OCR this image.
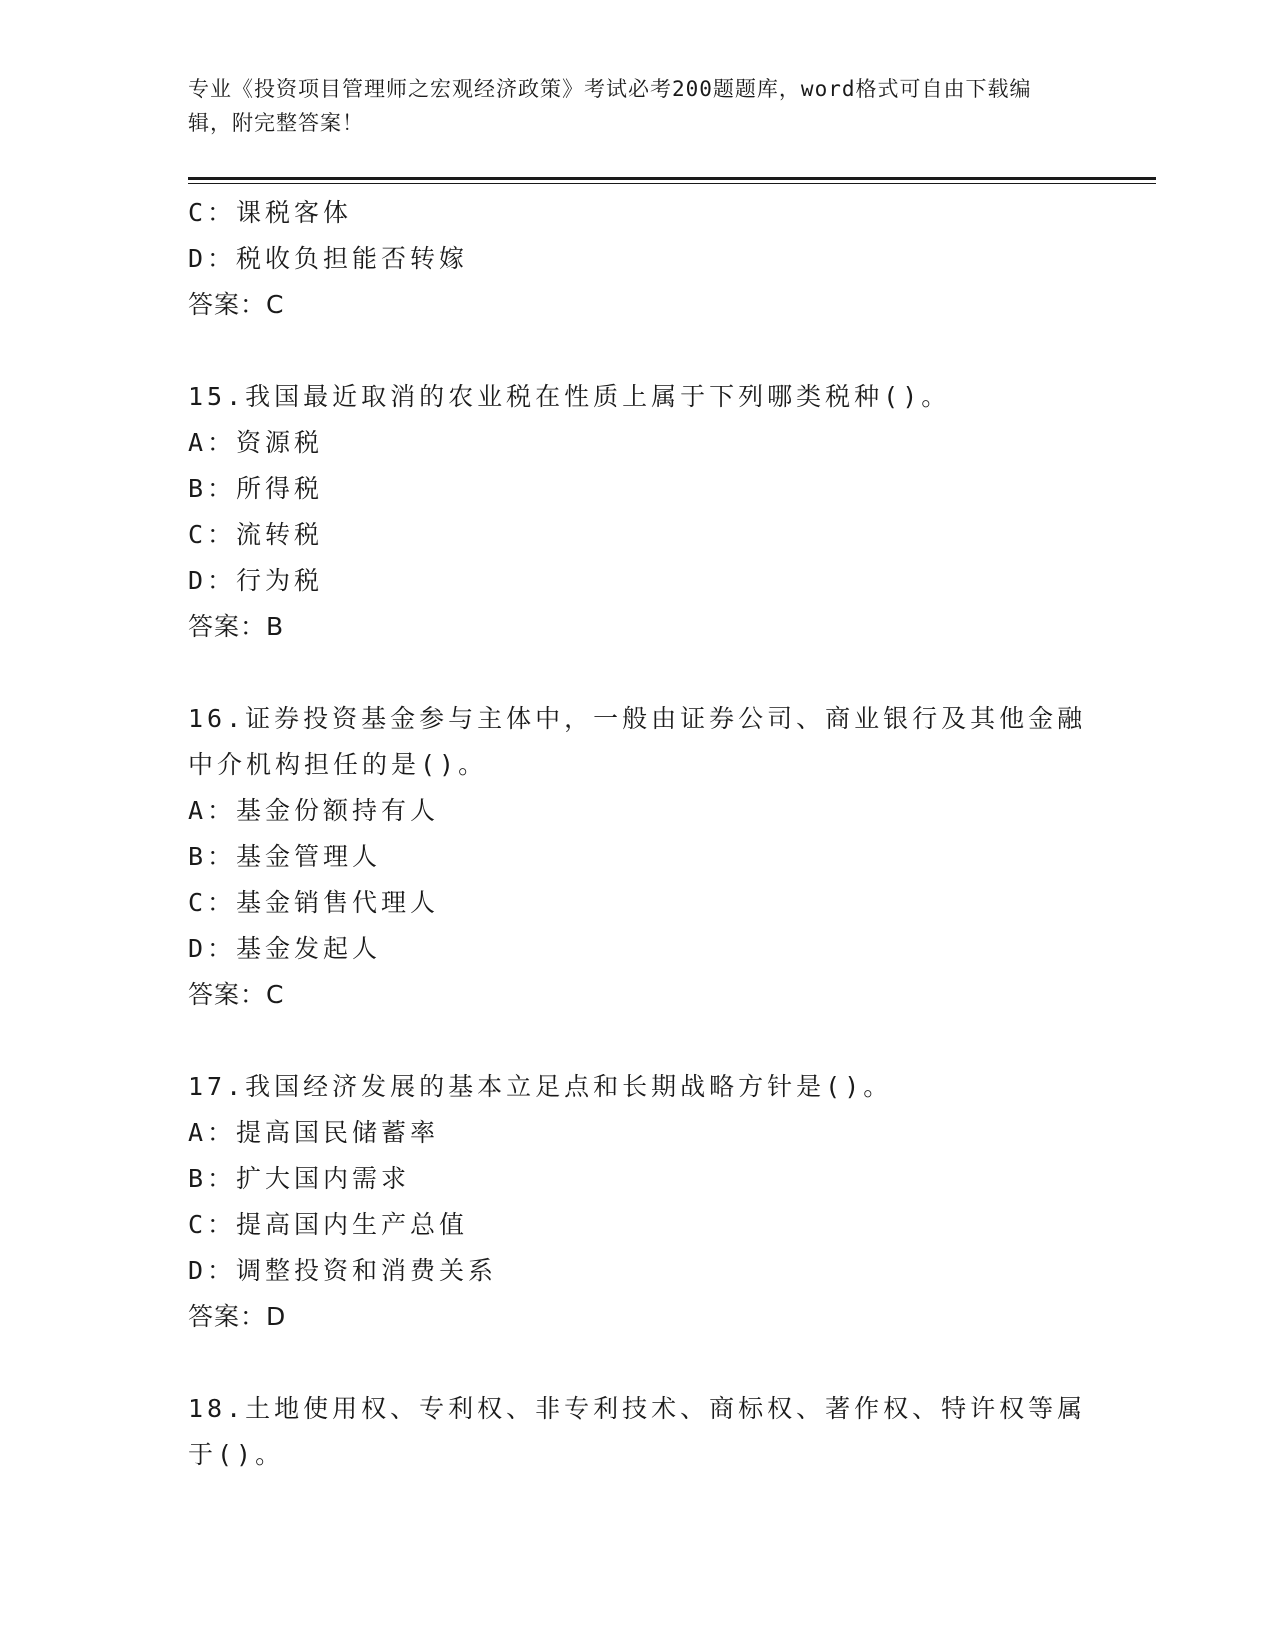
专业《投资项目管理师之宏观经济政策》考试必考200题题库，word格式可自由下载编辑，附完整答案！
C：课税客体
D：税收负担能否转嫁
答案：C
15.我国最近取消的农业税在性质上属于下列哪类税种()。
A：资源税
B：所得税
C：流转税
D：行为税
答案：B
16.证券投资基金参与主体中，一般由证券公司、商业银行及其他金融
中介机构担任的是()。
A：基金份额持有人
B：基金管理人
C：基金销售代理人
D：基金发起人
答案：C
17.我国经济发展的基本立足点和长期战略方针是()。
A：提高国民储蓄率
B：扩大国内需求
C：提高国内生产总值
D：调整投资和消费关系
答案：D
18.土地使用权、专利权、非专利技术、商标权、著作权、特许权等属
于()。
